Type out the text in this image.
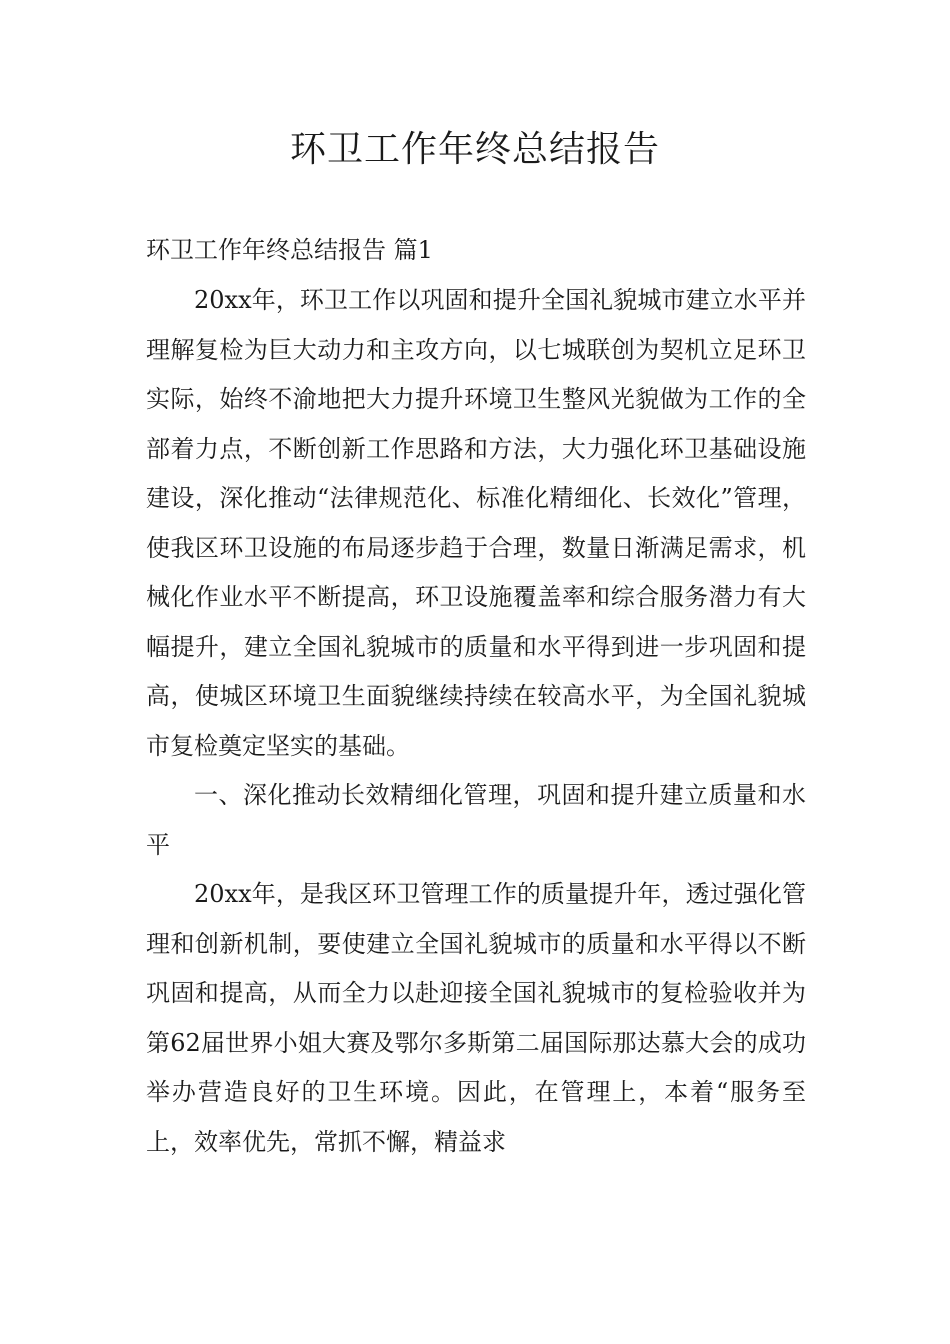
环卫工作年终总结报告

环卫工作年终总结报告 篇1

20xx年，环卫工作以巩固和提升全国礼貌城市建立水平并理解复检为巨大动力和主攻方向，以七城联创为契机立足环卫实际，始终不渝地把大力提升环境卫生整风光貌做为工作的全部着力点，不断创新工作思路和方法，大力强化环卫基础设施建设，深化推动“法律规范化、标准化精细化、长效化”管理，使我区环卫设施的布局逐步趋于合理，数量日渐满足需求，机械化作业水平不断提高，环卫设施覆盖率和综合服务潜力有大幅提升，建立全国礼貌城市的质量和水平得到进一步巩固和提高，使城区环境卫生面貌继续持续在较高水平，为全国礼貌城市复检奠定坚实的基础。

一、深化推动长效精细化管理，巩固和提升建立质量和水平

20xx年，是我区环卫管理工作的质量提升年，透过强化管理和创新机制，要使建立全国礼貌城市的质量和水平得以不断巩固和提高，从而全力以赴迎接全国礼貌城市的复检验收并为第62届世界小姐大赛及鄂尔多斯第二届国际那达慕大会的成功举办营造良好的卫生环境。因此，在管理上，本着“服务至上，效率优先，常抓不懈，精益求
